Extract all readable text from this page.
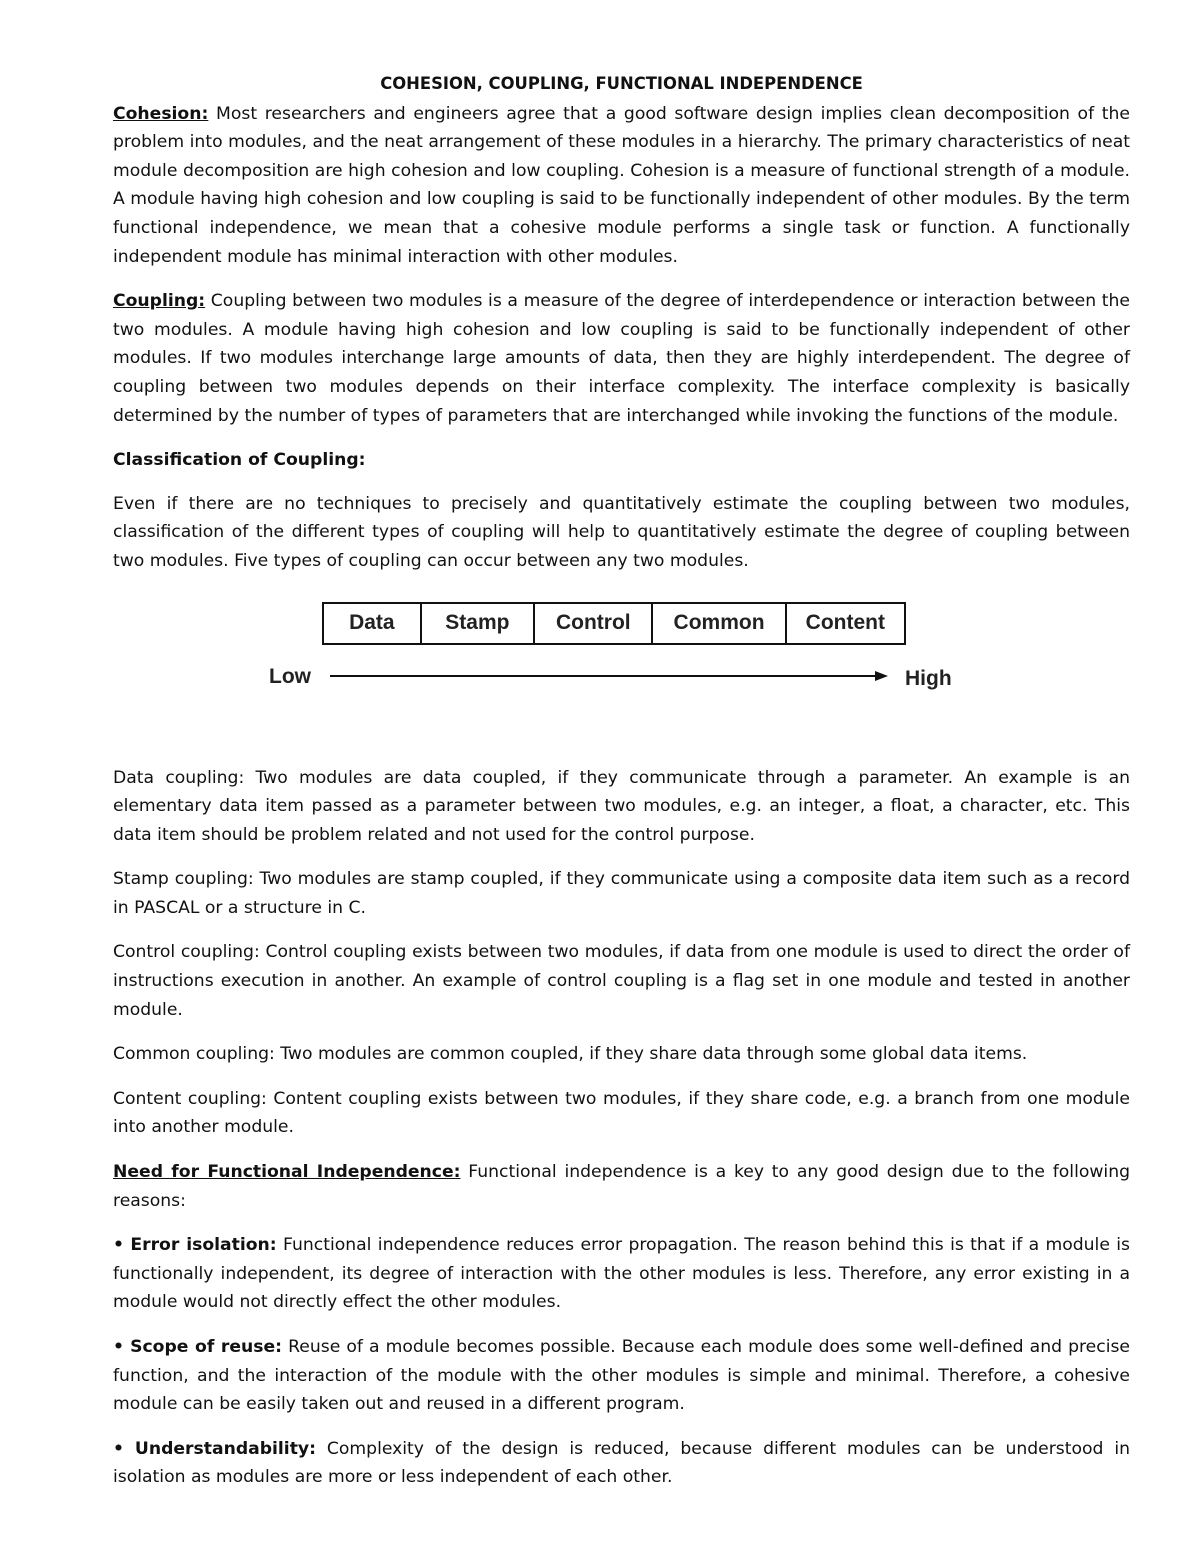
COHESION, COUPLING, FUNCTIONAL INDEPENDENCE

Cohesion: Most researchers and engineers agree that a good software design implies clean decomposition of the problem into modules, and the neat arrangement of these modules in a hierarchy. The primary characteristics of neat module decomposition are high cohesion and low coupling. Cohesion is a measure of functional strength of a module. A module having high cohesion and low coupling is said to be functionally independent of other modules. By the term functional independence, we mean that a cohesive module performs a single task or function. A functionally independent module has minimal interaction with other modules.

Coupling: Coupling between two modules is a measure of the degree of interdependence or interaction between the two modules. A module having high cohesion and low coupling is said to be functionally independent of other modules. If two modules interchange large amounts of data, then they are highly interdependent. The degree of coupling between two modules depends on their interface complexity. The interface complexity is basically determined by the number of types of parameters that are interchanged while invoking the functions of the module.

Classification of Coupling:

Even if there are no techniques to precisely and quantitatively estimate the coupling between two modules, classification of the different types of coupling will help to quantitatively estimate the degree of coupling between two modules. Five types of coupling can occur between any two modules.

Data	Stamp	Control	Common	Content
Low	High

Data coupling: Two modules are data coupled, if they communicate through a parameter. An example is an elementary data item passed as a parameter between two modules, e.g. an integer, a float, a character, etc. This data item should be problem related and not used for the control purpose.

Stamp coupling: Two modules are stamp coupled, if they communicate using a composite data item such as a record in PASCAL or a structure in C.

Control coupling: Control coupling exists between two modules, if data from one module is used to direct the order of instructions execution in another. An example of control coupling is a flag set in one module and tested in another module.

Common coupling: Two modules are common coupled, if they share data through some global data items.

Content coupling: Content coupling exists between two modules, if they share code, e.g. a branch from one module into another module.

Need for Functional Independence: Functional independence is a key to any good design due to the following reasons:

• Error isolation: Functional independence reduces error propagation. The reason behind this is that if a module is functionally independent, its degree of interaction with the other modules is less. Therefore, any error existing in a module would not directly effect the other modules.

• Scope of reuse: Reuse of a module becomes possible. Because each module does some well-defined and precise function, and the interaction of the module with the other modules is simple and minimal. Therefore, a cohesive module can be easily taken out and reused in a different program.

• Understandability: Complexity of the design is reduced, because different modules can be understood in isolation as modules are more or less independent of each other.
